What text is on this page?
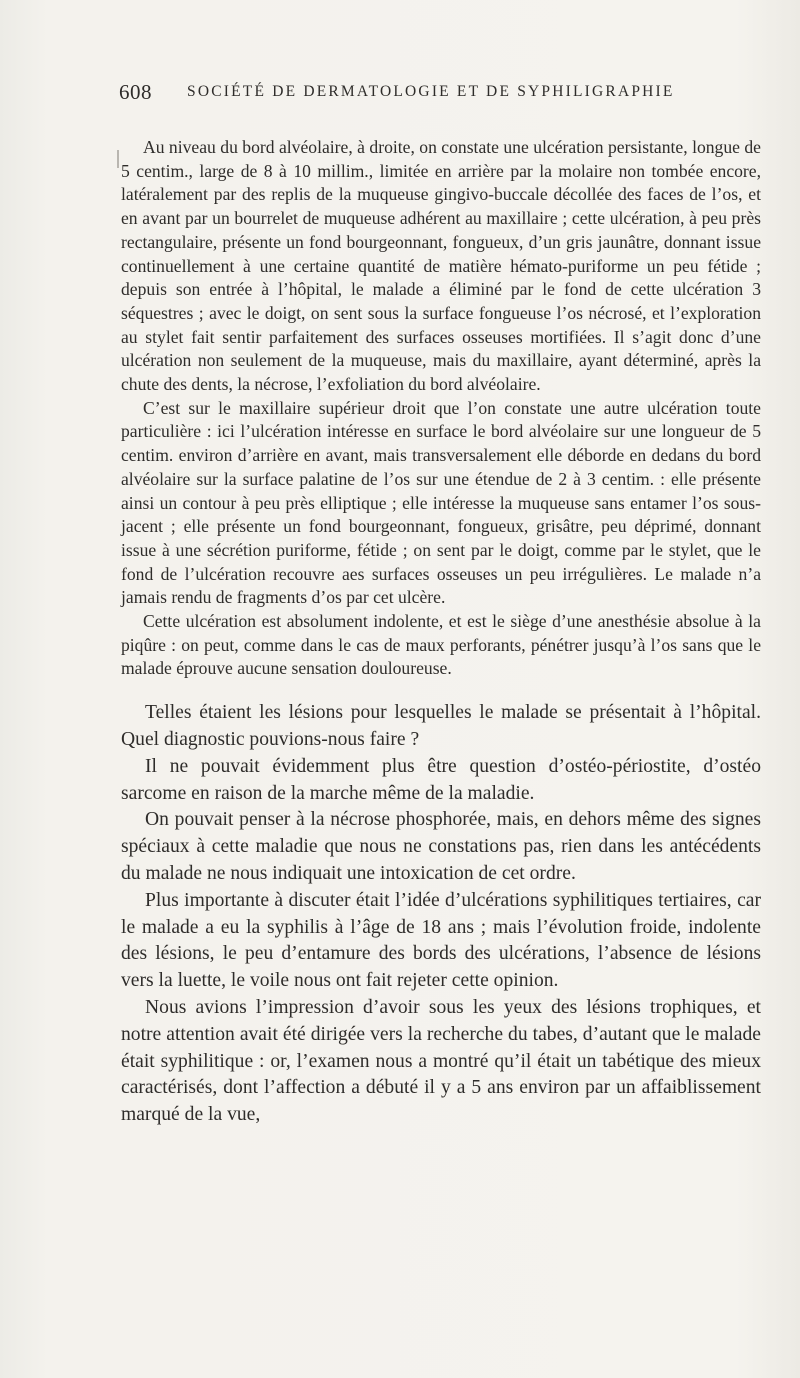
608 SOCIÉTÉ DE DERMATOLOGIE ET DE SYPHILIGRAPHIE

Au niveau du bord alvéolaire, à droite, on constate une ulcération persistante, longue de 5 centim., large de 8 à 10 millim., limitée en arrière par la molaire non tombée encore, latéralement par des replis de la muqueuse gingivo-buccale décollée des faces de l’os, et en avant par un bourrelet de muqueuse adhérent au maxillaire ; cette ulcération, à peu près rectangulaire, présente un fond bourgeonnant, fongueux, d’un gris jaunâtre, donnant issue continuellement à une certaine quantité de matière hémato-puriforme un peu fétide ; depuis son entrée à l’hôpital, le malade a éliminé par le fond de cette ulcération 3 séquestres ; avec le doigt, on sent sous la surface fongueuse l’os nécrosé, et l’exploration au stylet fait sentir parfaitement des surfaces osseuses mortifiées. Il s’agit donc d’une ulcération non seulement de la muqueuse, mais du maxillaire, ayant déterminé, après la chute des dents, la nécrose, l’exfoliation du bord alvéolaire.

C’est sur le maxillaire supérieur droit que l’on constate une autre ulcération toute particulière : ici l’ulcération intéresse en surface le bord alvéolaire sur une longueur de 5 centim. environ d’arrière en avant, mais transversalement elle déborde en dedans du bord alvéolaire sur la surface palatine de l’os sur une étendue de 2 à 3 centim. : elle présente ainsi un contour à peu près elliptique ; elle intéresse la muqueuse sans entamer l’os sous-jacent ; elle présente un fond bourgeonnant, fongueux, grisâtre, peu déprimé, donnant issue à une sécrétion puriforme, fétide ; on sent par le doigt, comme par le stylet, que le fond de l’ulcération recouvre aes surfaces osseuses un peu irrégulières. Le malade n’a jamais rendu de fragments d’os par cet ulcère.

Cette ulcération est absolument indolente, et est le siège d’une anesthésie absolue à la piqûre : on peut, comme dans le cas de maux perforants, pénétrer jusqu’à l’os sans que le malade éprouve aucune sensation douloureuse.

Telles étaient les lésions pour lesquelles le malade se présentait à l’hôpital. Quel diagnostic pouvions-nous faire ?

Il ne pouvait évidemment plus être question d’ostéo-périostite, d’ostéo sarcome en raison de la marche même de la maladie.

On pouvait penser à la nécrose phosphorée, mais, en dehors même des signes spéciaux à cette maladie que nous ne constations pas, rien dans les antécédents du malade ne nous indiquait une intoxication de cet ordre.

Plus importante à discuter était l’idée d’ulcérations syphilitiques tertiaires, car le malade a eu la syphilis à l’âge de 18 ans ; mais l’évolution froide, indolente des lésions, le peu d’entamure des bords des ulcérations, l’absence de lésions vers la luette, le voile nous ont fait rejeter cette opinion.

Nous avions l’impression d’avoir sous les yeux des lésions trophiques, et notre attention avait été dirigée vers la recherche du tabes, d’autant que le malade était syphilitique : or, l’examen nous a montré qu’il était un tabétique des mieux caractérisés, dont l’affection a débuté il y a 5 ans environ par un affaiblissement marqué de la vue,
